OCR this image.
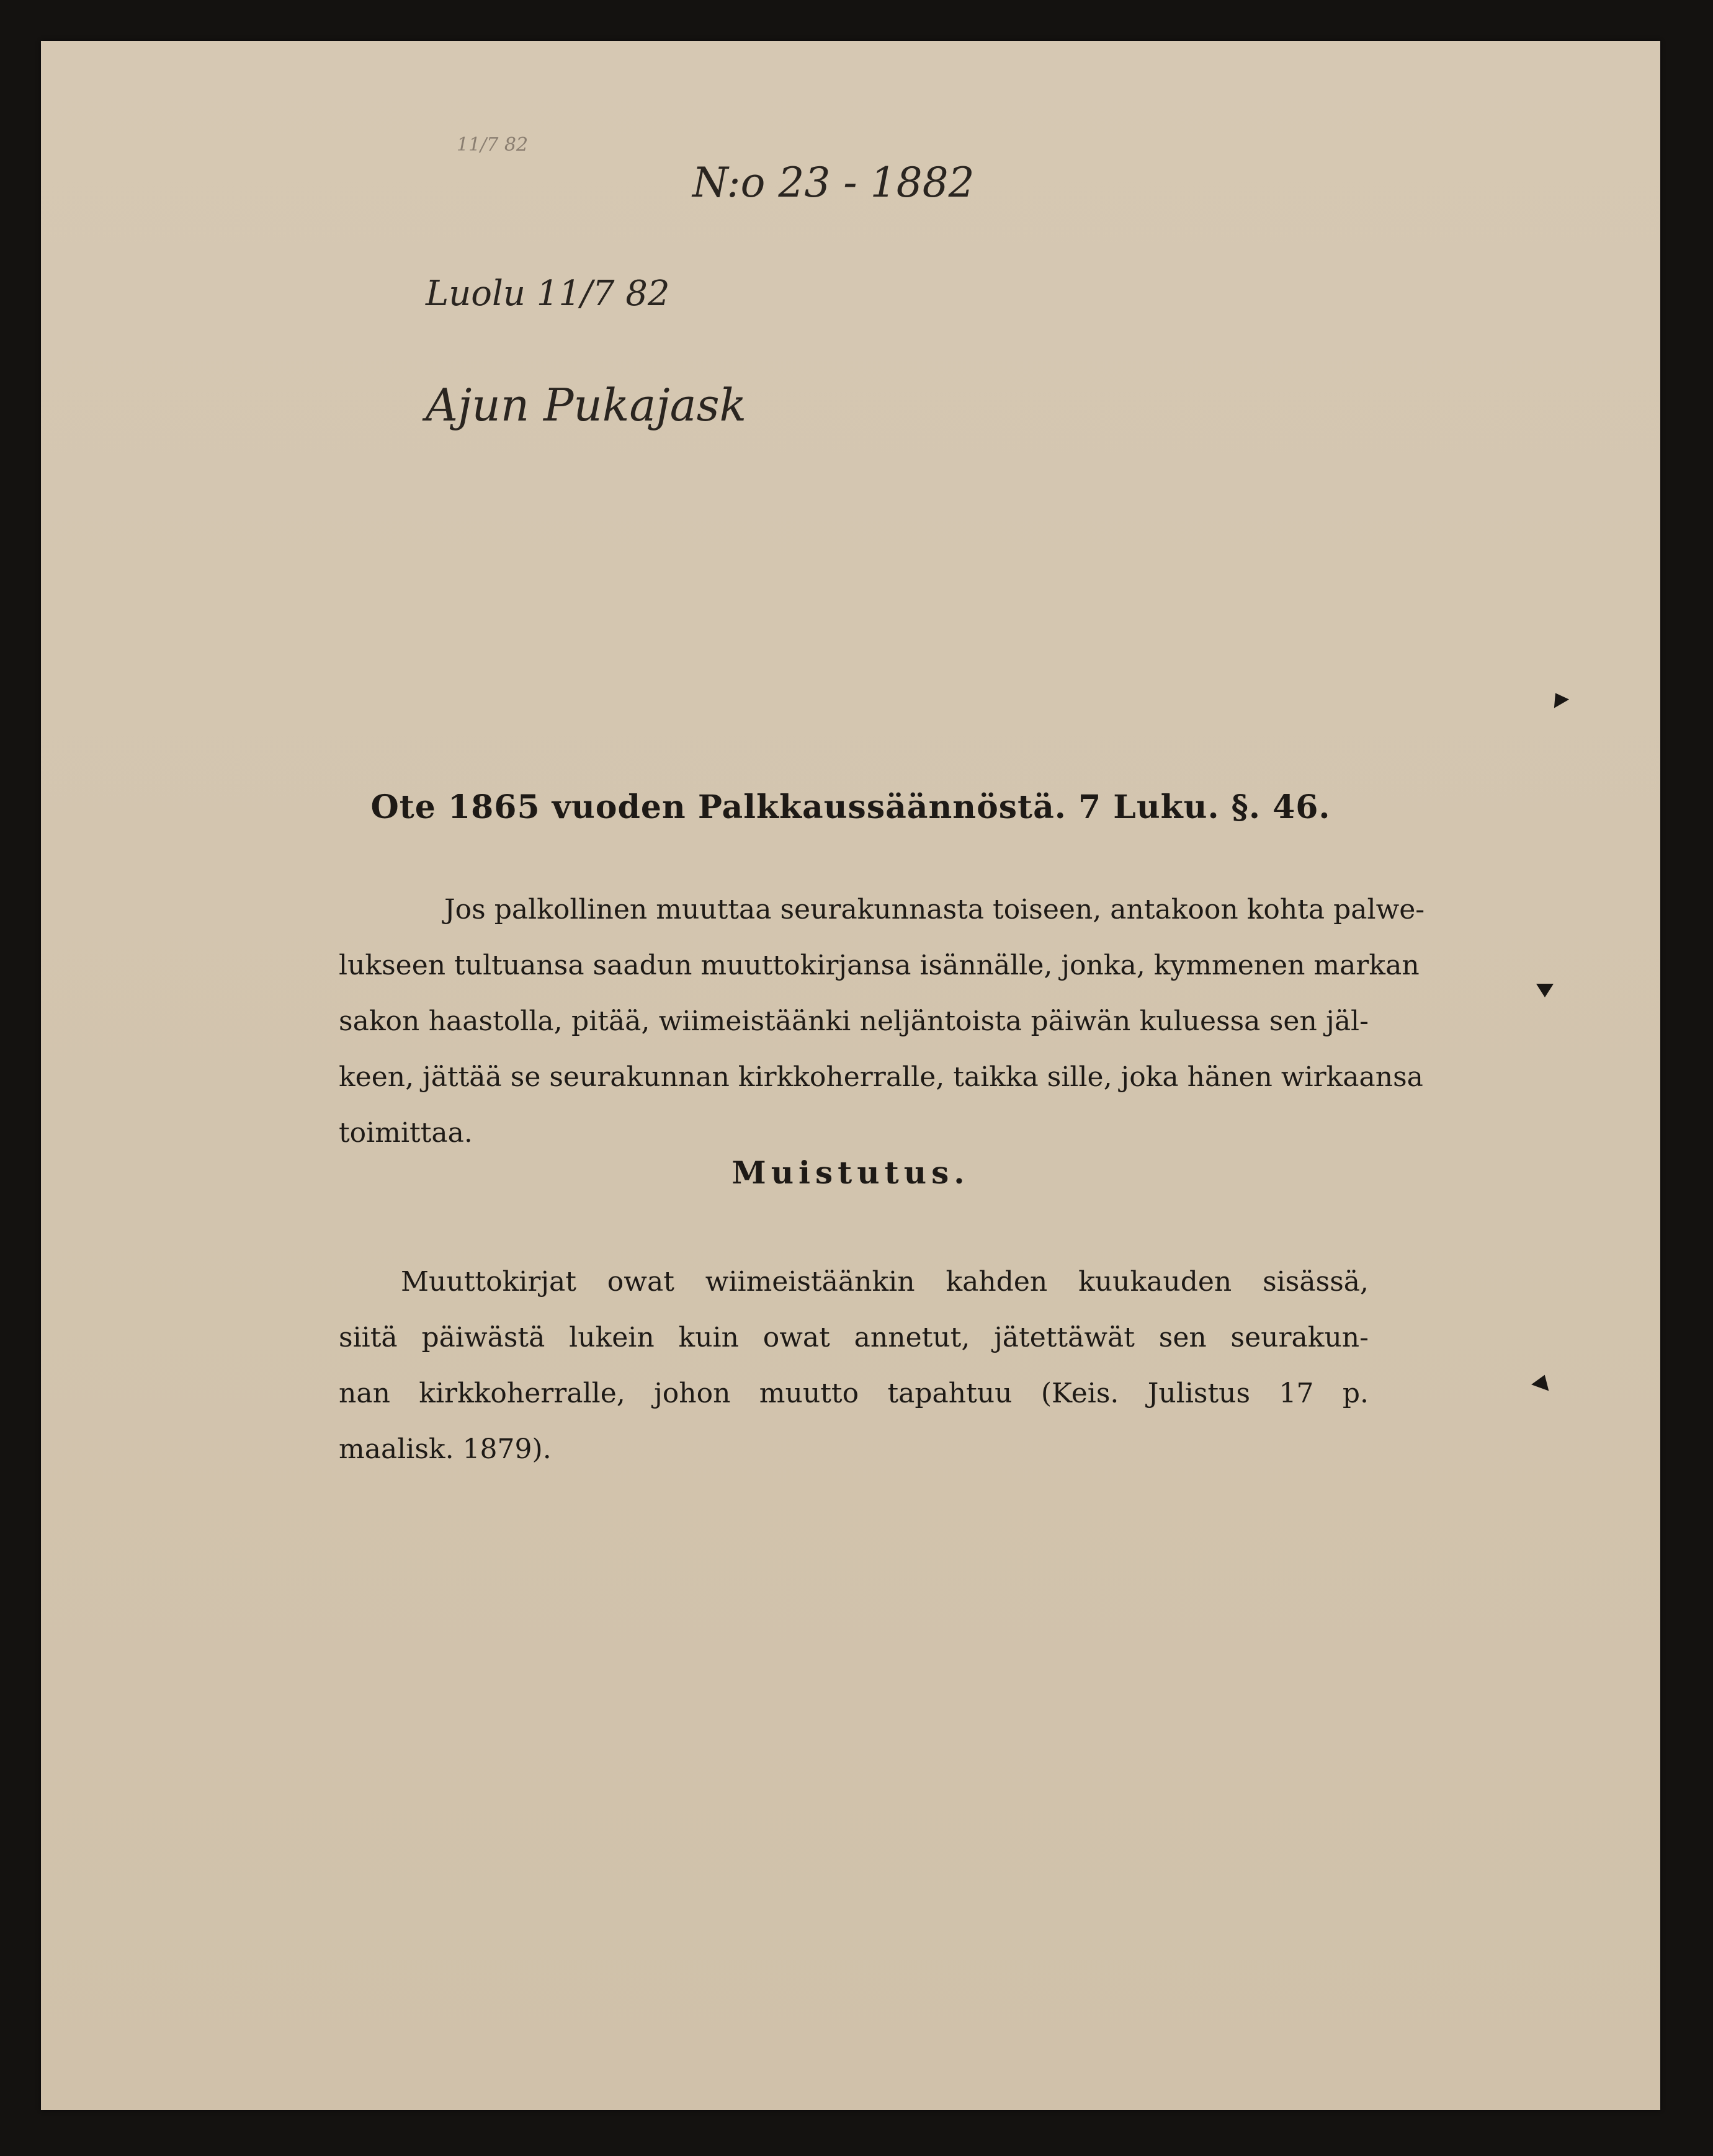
11/7 82
N:o 23 - 1882
Luolu 11/7 82
Ajun Pukajask
Ote 1865 vuoden Palkkaussäännöstä. 7 Luku. §. 46.
Jos palkollinen muuttaa seurakunnasta toiseen, antakoon kohta palwe-
lukseen tultuansa saadun muuttokirjansa isännälle, jonka, kymmenen markan
sakon haastolla, pitää, wiimeistäänki neljäntoista päiwän kuluessa sen jäl-
keen, jättää se seurakunnan kirkkoherralle, taikka sille, joka hänen wirkaansa
toimittaa.
Muistutus.
Muuttokirjat owat wiimeistäänkin kahden kuukauden sisässä,
siitä päiwästä lukein kuin owat annetut, jätettäwät sen seurakun-
nan kirkkoherralle, johon muutto tapahtuu (Keis. Julistus 17 p.
maalisk. 1879).
